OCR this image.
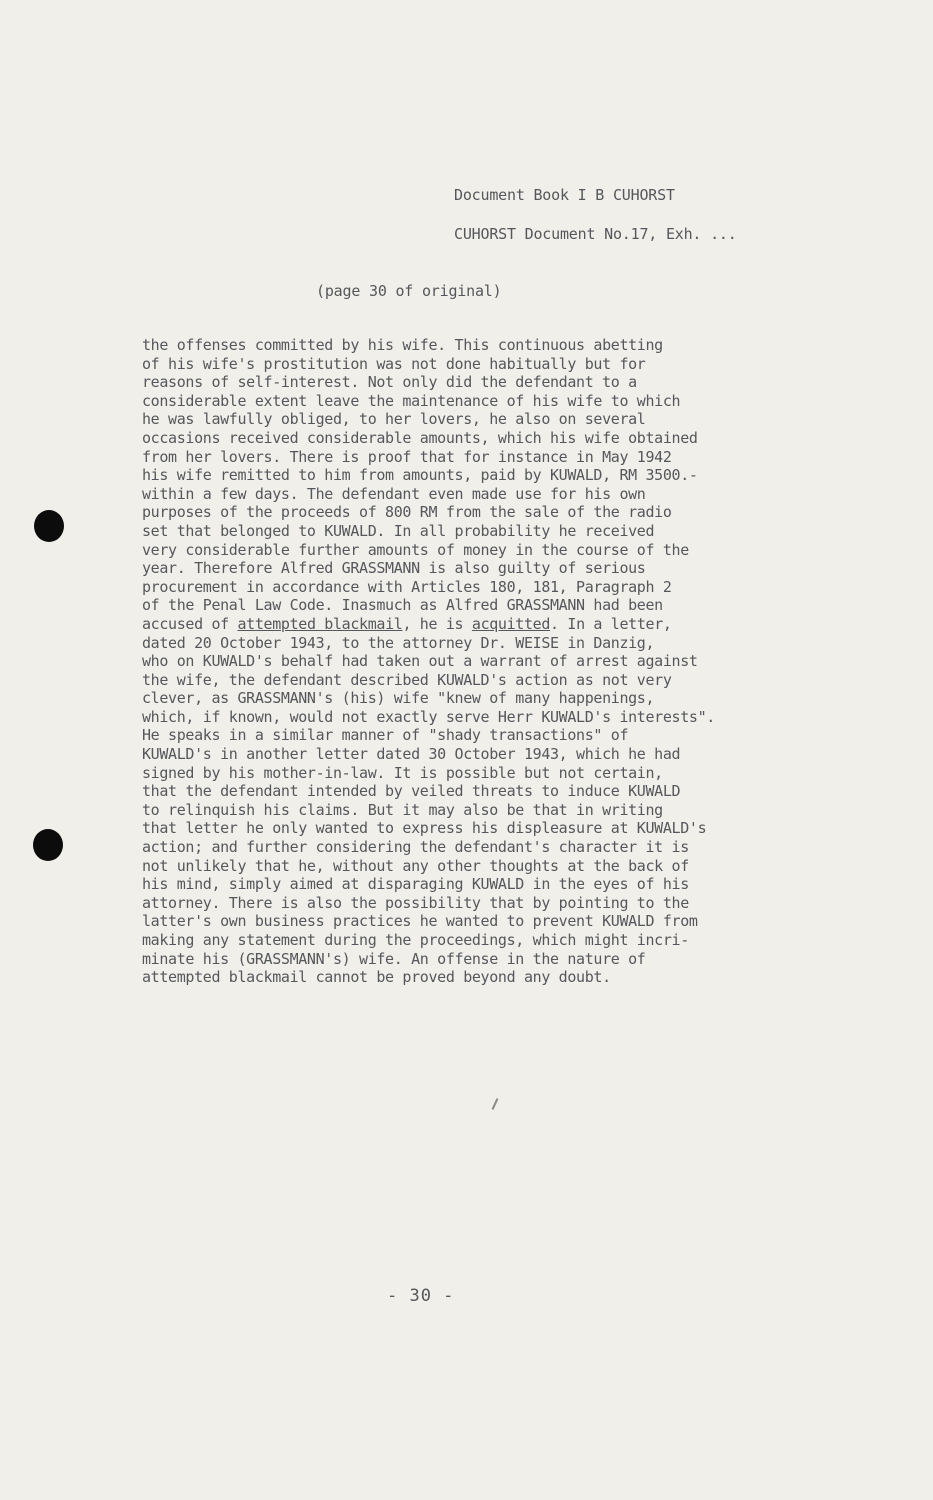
Document Book I B CUHORST
CUHORST Document No.17, Exh. ...
(page 30 of original)
the offenses committed by his wife. This continuous abetting
of his wife's prostitution was not done habitually but for
reasons of self-interest. Not only did the defendant to a
considerable extent leave the maintenance of his wife to which
he was lawfully obliged, to her lovers, he also on several
occasions received considerable amounts, which his wife obtained
from her lovers. There is proof that for instance in May 1942
his wife remitted to him from amounts, paid by KUWALD, RM 3500.-
within a few days. The defendant even made use for his own
purposes of the proceeds of 800 RM from the sale of the radio
set that belonged to KUWALD. In all probability he received
very considerable further amounts of money in the course of the
year. Therefore Alfred GRASSMANN is also guilty of serious
procurement in accordance with Articles 180, 181, Paragraph 2
of the Penal Law Code. Inasmuch as Alfred GRASSMANN had been
accused of attempted blackmail, he is acquitted. In a letter,
dated 20 October 1943, to the attorney Dr. WEISE in Danzig,
who on KUWALD's behalf had taken out a warrant of arrest against
the wife, the defendant described KUWALD's action as not very
clever, as GRASSMANN's (his) wife "knew of many happenings,
which, if known, would not exactly serve Herr KUWALD's interests".
He speaks in a similar manner of "shady transactions" of
KUWALD's in another letter dated 30 October 1943, which he had
signed by his mother-in-law. It is possible but not certain,
that the defendant intended by veiled threats to induce KUWALD
to relinquish his claims. But it may also be that in writing
that letter he only wanted to express his displeasure at KUWALD's
action; and further considering the defendant's character it is
not unlikely that he, without any other thoughts at the back of
his mind, simply aimed at disparaging KUWALD in the eyes of his
attorney. There is also the possibility that by pointing to the
latter's own business practices he wanted to prevent KUWALD from
making any statement during the proceedings, which might incri-
minate his (GRASSMANN's) wife. An offense in the nature of
attempted blackmail cannot be proved beyond any doubt.
- 30 -
